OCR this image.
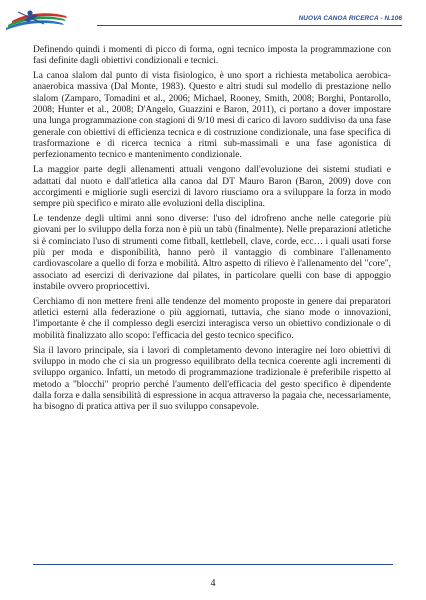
NUOVA CANOA RICERCA - N.106

Definendo quindi i momenti di picco di forma, ogni tecnico imposta la programmazione con fasi definite dagli obiettivi condizionali e tecnici.

La canoa slalom dal punto di vista fisiologico, è uno sport a richiesta metabolica aerobica-anaerobica massiva (Dal Monte, 1983). Questo e altri studi sul modello di prestazione nello slalom (Zamparo, Tomadini et al., 2006; Michael, Rooney, Smith, 2008; Borghi, Pontarollo, 2008; Hunter et al., 2008; D'Angelo, Guazzini e Baron, 2011), ci portano a dover impostare una lunga programmazione con stagioni di 9/10 mesi di carico di lavoro suddiviso da una fase generale con obiettivi di efficienza tecnica e di costruzione condizionale, una fase specifica di trasformazione e di ricerca tecnica a ritmi sub-massimali e una fase agonistica di perfezionamento tecnico e mantenimento condizionale.

La maggior parte degli allenamenti attuali vengono dall'evoluzione dei sistemi studiati e adattati dal nuoto e dall'atletica alla canoa dal DT Mauro Baron (Baron, 2009) dove con accorgimenti e migliorie sugli esercizi di lavoro riusciamo ora a sviluppare la forza in modo sempre più specifico e mirato alle evoluzioni della disciplina.

Le tendenze degli ultimi anni sono diverse: l'uso del idrofreno anche nelle categorie più giovani per lo sviluppo della forza non è più un tabù (finalmente). Nelle preparazioni atletiche si è cominciato l'uso di strumenti come fitball, kettlebell, clave, corde, ecc… i quali usati forse più per moda e disponibilità, hanno però il vantaggio di combinare l'allenamento cardiovascolare a quello di forza e mobilità. Altro aspetto di rilievo è l'allenamento del "core", associato ad esercizi di derivazione dal pilates, in particolare quelli con base di appoggio instabile ovvero propriocettivi.

Cerchiamo di non mettere freni alle tendenze del momento proposte in genere dai preparatori atletici esterni alla federazione o più aggiornati, tuttavia, che siano mode o innovazioni, l'importante è che il complesso degli esercizi interagisca verso un obiettivo condizionale o di mobilità finalizzato allo scopo: l'efficacia del gesto tecnico specifico.

Sia il lavoro principale, sia i lavori di completamento devono interagire nei loro obiettivi di sviluppo in modo che ci sia un progresso equilibrato della tecnica coerente agli incrementi di sviluppo organico. Infatti, un metodo di programmazione tradizionale è preferibile rispetto al metodo a "blocchi" proprio perché l'aumento dell'efficacia del gesto specifico è dipendente dalla forza e dalla sensibilità di espressione in acqua attraverso la pagaia che, necessariamente, ha bisogno di pratica attiva per il suo sviluppo consapevole.

4
